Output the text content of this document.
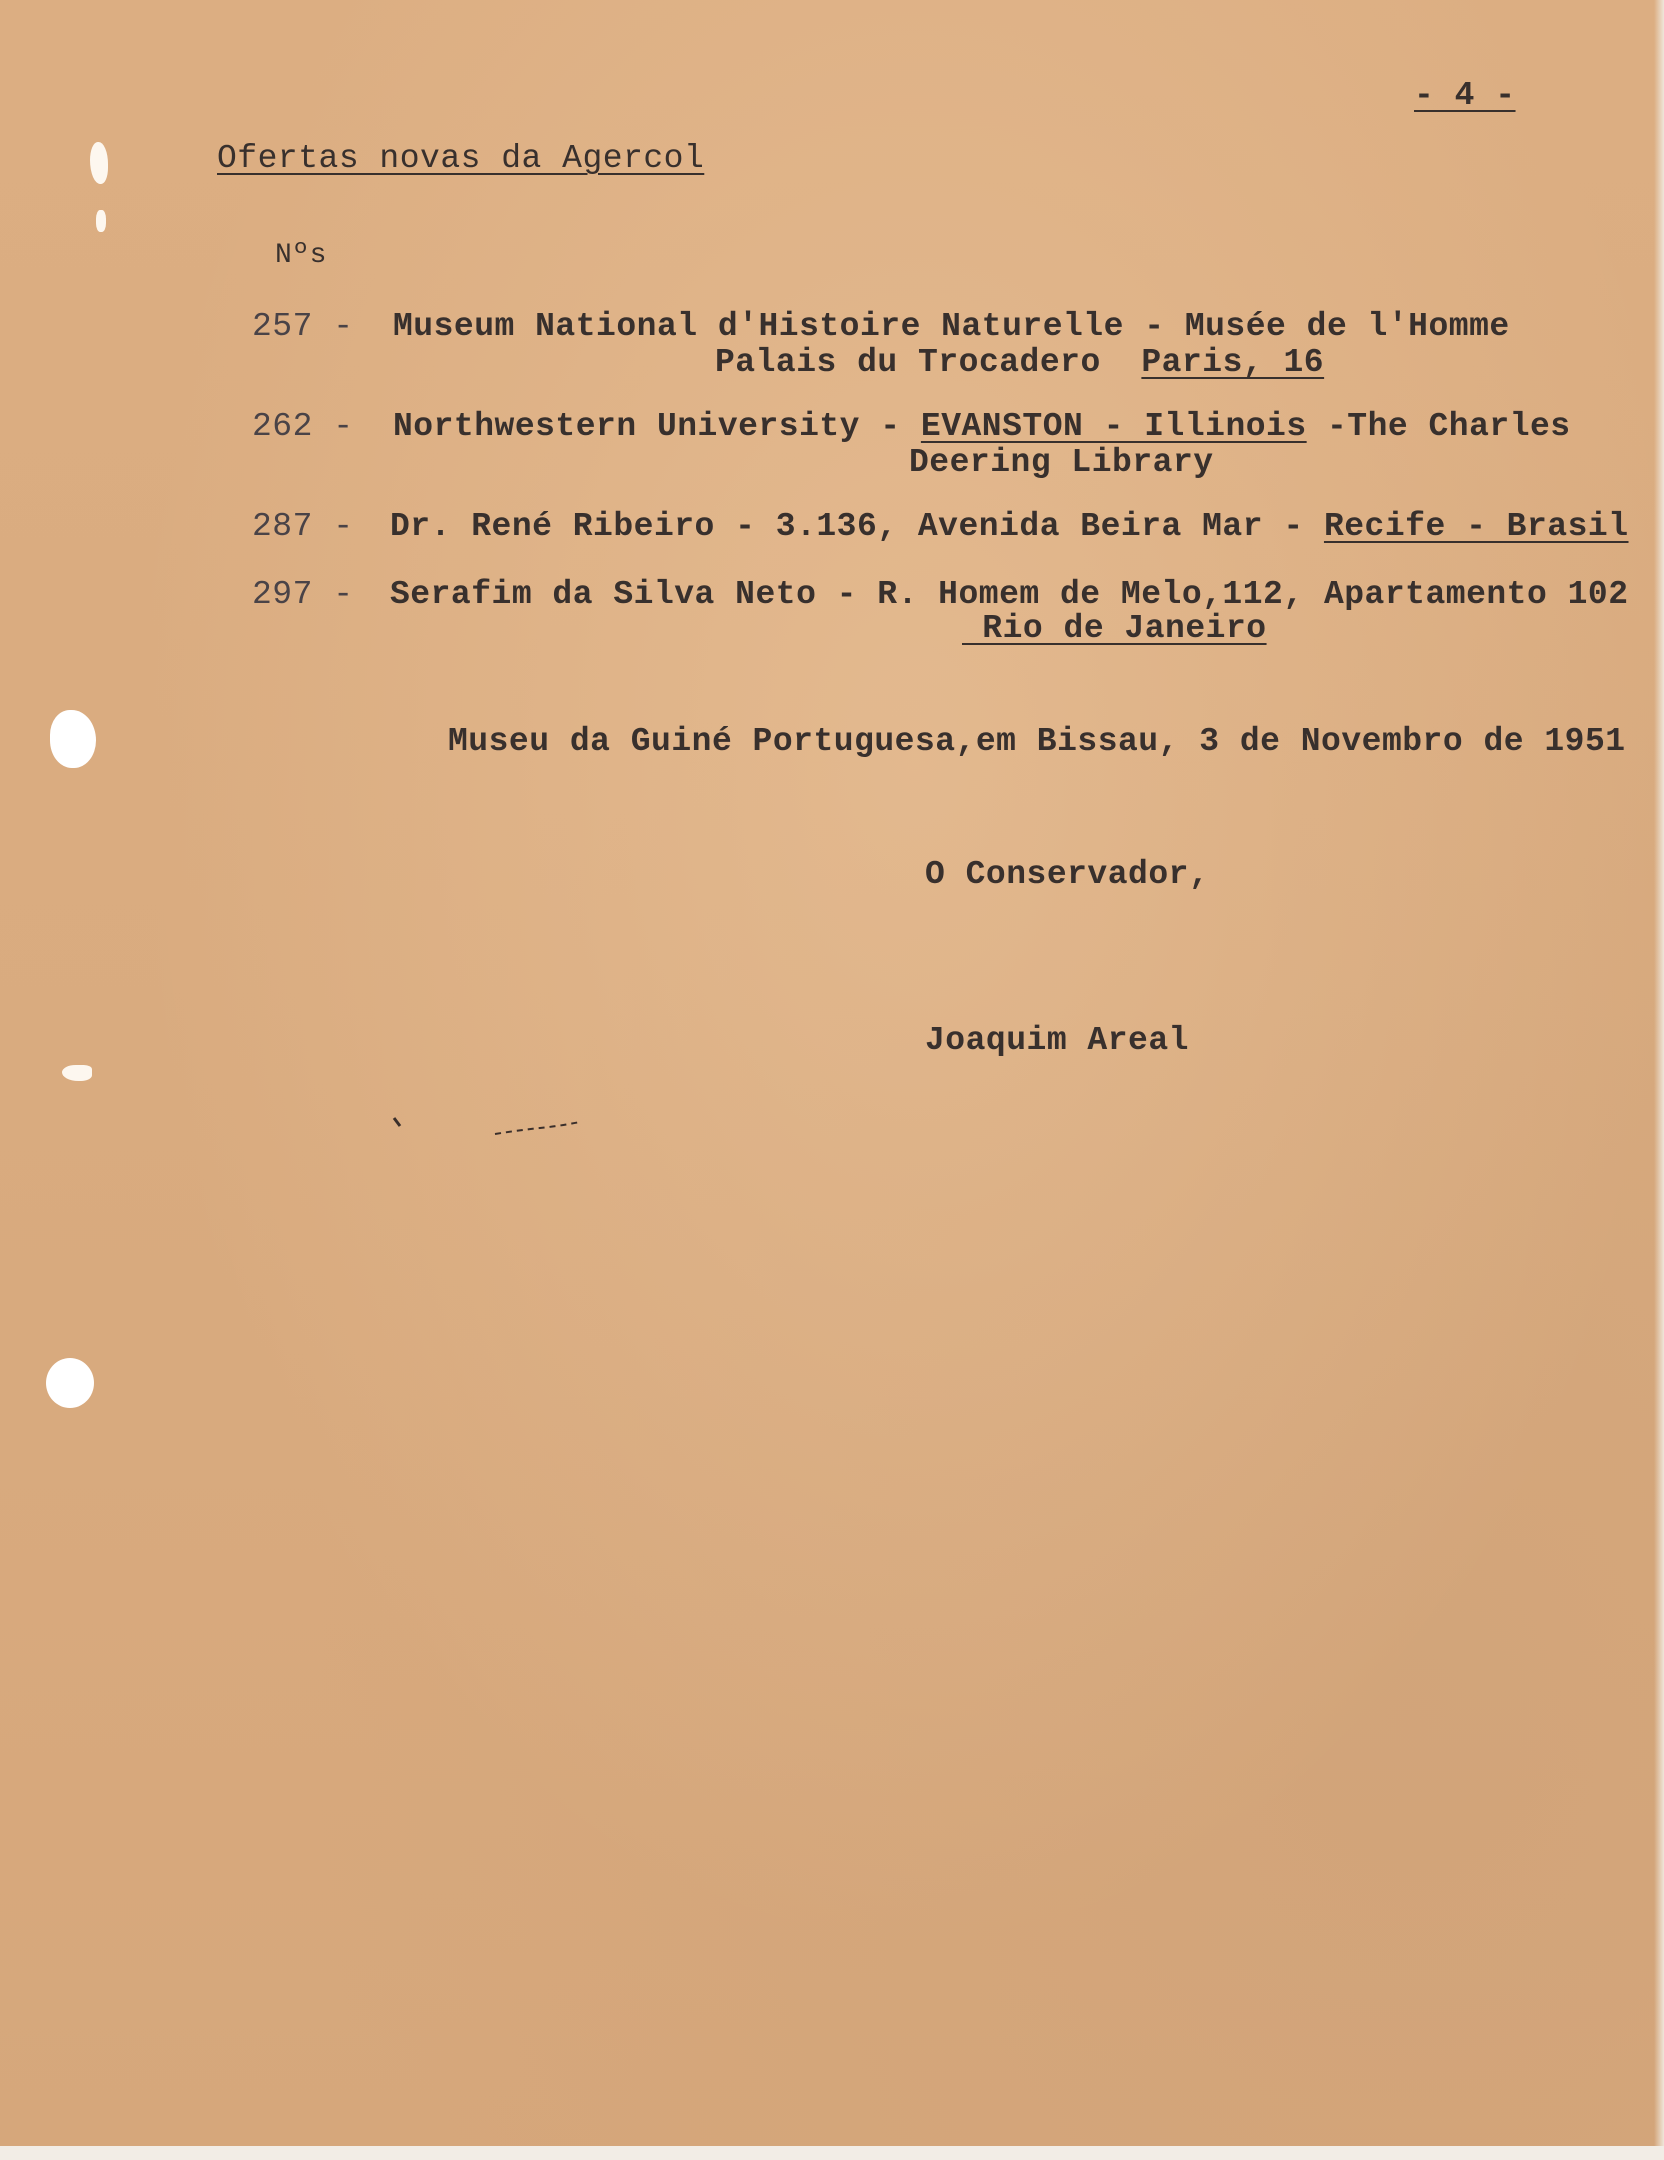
- 4 -
Ofertas novas da Agercol
Nºs
257 - Museum National d'Histoire Naturelle - Musée de l'Homme
Palais du Trocadero  Paris, 16
262 - Northwestern University - EVANSTON - Illinois -The Charles
Deering Library
287 - Dr. René Ribeiro - 3.136, Avenida Beira Mar - Recife - Brasil
297 - Serafim da Silva Neto - R. Homem de Melo,112, Apartamento 102
Rio de Janeiro
Museu da Guiné Portuguesa,em Bissau, 3 de Novembro de 1951
O Conservador,
Joaquim Areal
